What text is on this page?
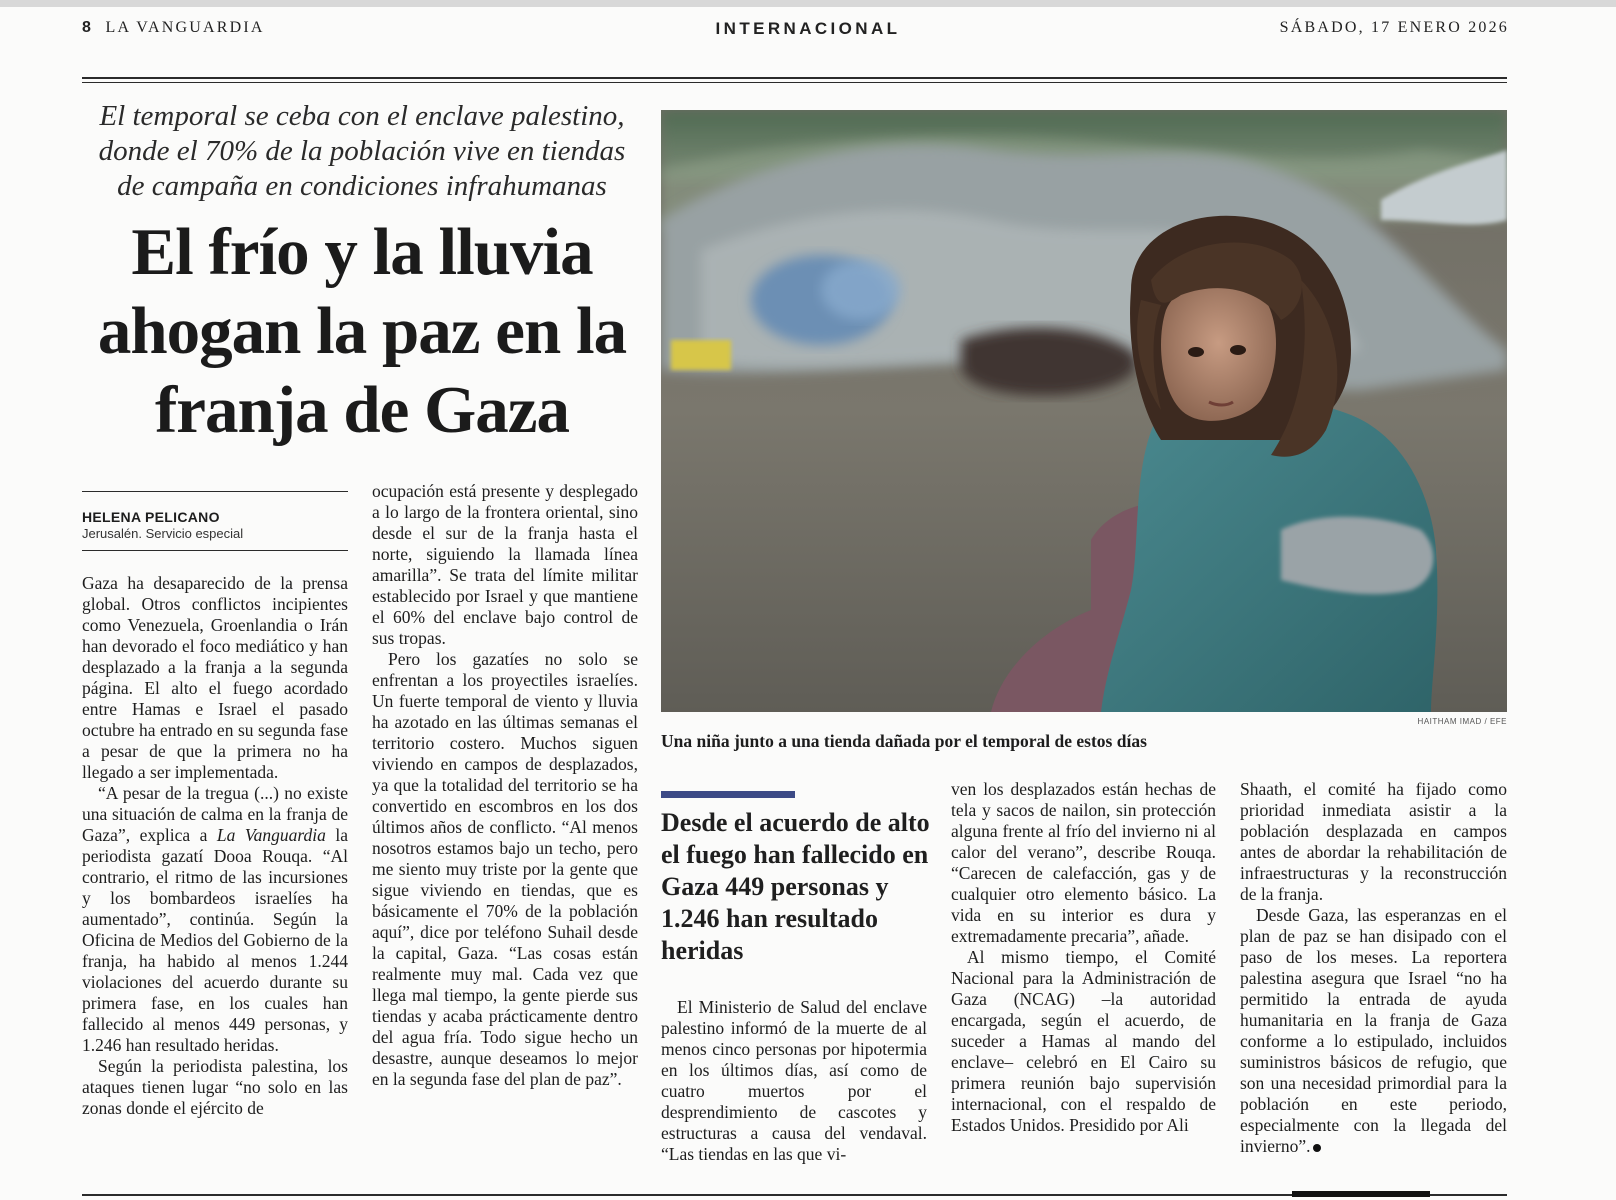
8 LA VANGUARDIA	INTERNACIONAL	SÁBADO, 17 ENERO 2026
El temporal se ceba con el enclave palestino, donde el 70% de la población vive en tiendas de campaña en condiciones infrahumanas
El frío y la lluvia ahogan la paz en la franja de Gaza
HAITHAM IMAD / EFE
Una niña junto a una tienda dañada por el temporal de estos días
HELENA PELICANO
Jerusalén. Servicio especial

Gaza ha desaparecido de la prensa global. Otros conflictos incipientes como Venezuela, Groenlandia o Irán han devorado el foco mediático y han desplazado a la franja a la segunda página. El alto el fuego acordado entre Hamas e Israel el pasado octubre ha entrado en su segunda fase a pesar de que la primera no ha llegado a ser implementada.

“A pesar de la tregua (...) no existe una situación de calma en la franja de Gaza”, explica a La Vanguardia la periodista gazatí Dooa Rouqa. “Al contrario, el ritmo de las incursiones y los bombardeos israelíes ha aumentado”, continúa. Según la Oficina de Medios del Gobierno de la franja, ha habido al menos 1.244 violaciones del acuerdo durante su primera fase, en los cuales han fallecido al menos 449 personas, y 1.246 han resultado heridas.

Según la periodista palestina, los ataques tienen lugar “no solo en las zonas donde el ejército de

ocupación está presente y desplegado a lo largo de la frontera oriental, sino desde el sur de la franja hasta el norte, siguiendo la llamada línea amarilla”. Se trata del límite militar establecido por Israel y que mantiene el 60% del enclave bajo control de sus tropas.

Pero los gazatíes no solo se enfrentan a los proyectiles israelíes. Un fuerte temporal de viento y lluvia ha azotado en las últimas semanas el territorio costero. Muchos siguen viviendo en campos de desplazados, ya que la totalidad del territorio se ha convertido en escombros en los dos últimos años de conflicto. “Al menos nosotros estamos bajo un techo, pero me siento muy triste por la gente que sigue viviendo en tiendas, que es básicamente el 70% de la población aquí”, dice por teléfono Suhail desde la capital, Gaza. “Las cosas están realmente muy mal. Cada vez que llega mal tiempo, la gente pierde sus tiendas y acaba prácticamente dentro del agua fría. Todo sigue hecho un desastre, aunque deseamos lo mejor en la segunda fase del plan de paz”.

Desde el acuerdo de alto el fuego han fallecido en Gaza 449 personas y 1.246 han resultado heridas

El Ministerio de Salud del enclave palestino informó de la muerte de al menos cinco personas por hipotermia en los últimos días, así como de cuatro muertos por el desprendimiento de cascotes y estructuras a causa del vendaval. “Las tiendas en las que vi-

ven los desplazados están hechas de tela y sacos de nailon, sin protección alguna frente al frío del invierno ni al calor del verano”, describe Rouqa. “Carecen de calefacción, gas y de cualquier otro elemento básico. La vida en su interior es dura y extremadamente precaria”, añade.

Al mismo tiempo, el Comité Nacional para la Administración de Gaza (NCAG) –la autoridad encargada, según el acuerdo, de suceder a Hamas al mando del enclave– celebró en El Cairo su primera reunión bajo supervisión internacional, con el respaldo de Estados Unidos. Presidido por Ali

Shaath, el comité ha fijado como prioridad inmediata asistir a la población desplazada en campos antes de abordar la rehabilitación de infraestructuras y la reconstrucción de la franja.

Desde Gaza, las esperanzas en el plan de paz se han disipado con el paso de los meses. La reportera palestina asegura que Israel “no ha permitido la entrada de ayuda humanitaria en la franja de Gaza conforme a lo estipulado, incluidos suministros básicos de refugio, que son una necesidad primordial para la población en este periodo, especialmente con la llegada del invierno”.
